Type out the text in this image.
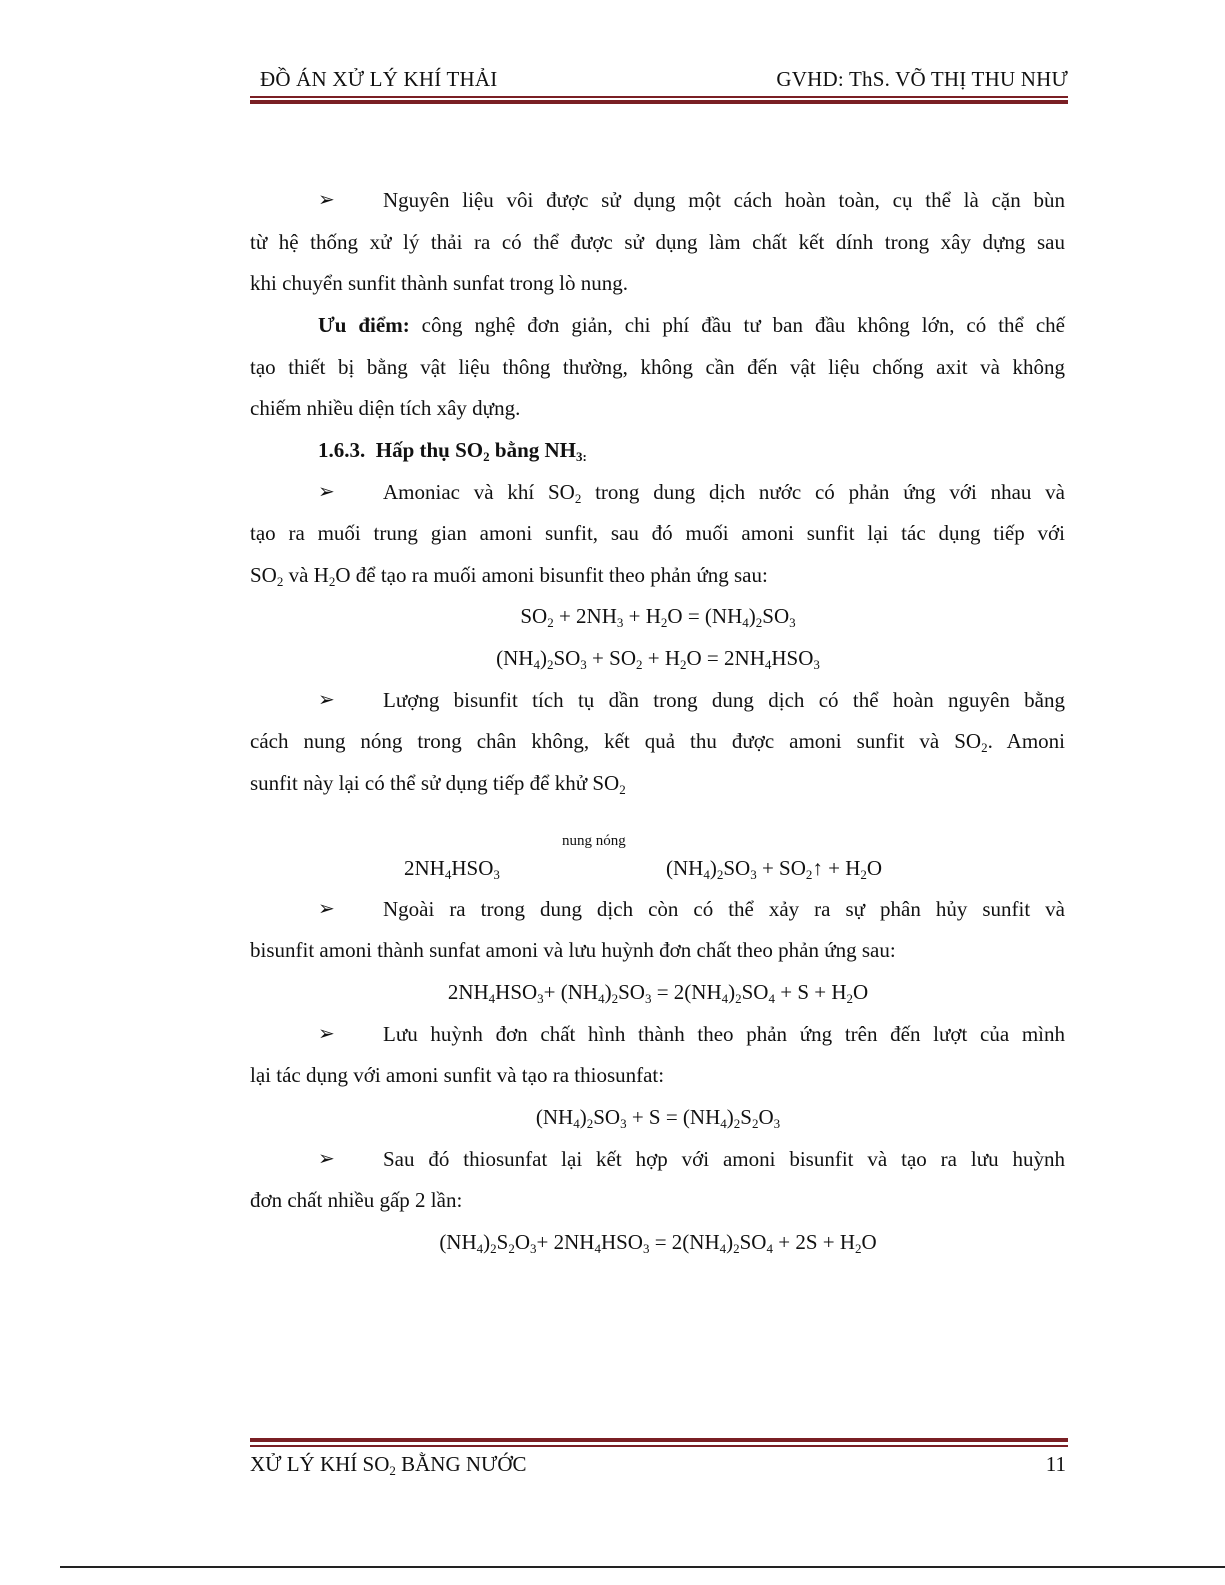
ĐỒ ÁN XỬ LÝ KHÍ THẢI	GVHD: ThS. VÕ THỊ THU NHƯ
➢ Nguyên liệu vôi được sử dụng một cách hoàn toàn, cụ thể là cặn bùn
từ hệ thống xử lý thải ra có thể được sử dụng làm chất kết dính trong xây dựng sau
khi chuyển sunfit thành sunfat trong lò nung.
Ưu điểm: công nghệ đơn giản, chi phí đầu tư ban đầu không lớn, có thể chế
tạo thiết bị bằng vật liệu thông thường, không cần đến vật liệu chống axit và không
chiếm nhiều diện tích xây dựng.
1.6.3. Hấp thụ $SO_2$ bằng $NH_{3:}$
➢ Amoniac và khí $SO_2$ trong dung dịch nước có phản ứng với nhau và
tạo ra muối trung gian amoni sunfit, sau đó muối amoni sunfit lại tác dụng tiếp với
$SO_2$ và $H_2O$ để tạo ra muối amoni bisunfit theo phản ứng sau:
$SO_2 + 2NH_3 + H_2O = (NH_4)_2SO_3$
$(NH_4)_2SO_3 + SO_2 + H_2O = 2NH_4HSO_3$
➢ Lượng bisunfit tích tụ dần trong dung dịch có thể hoàn nguyên bằng
cách nung nóng trong chân không, kết quả thu được amoni sunfit và $SO_2$. Amoni
sunfit này lại có thể sử dụng tiếp để khử $SO_2$
nung nóng
$2NH_4HSO_3$	$(NH_4)_2SO_3$ + $SO_2↑ + H_2O$
➢ Ngoài ra trong dung dịch còn có thể xảy ra sự phân hủy sunfit và
bisunfit amoni thành sunfat amoni và lưu huỳnh đơn chất theo phản ứng sau:
$2NH_4HSO_3+ (NH_4)_2SO_3 = 2(NH_4)_2SO_4 + S + H_2O$
➢ Lưu huỳnh đơn chất hình thành theo phản ứng trên đến lượt của mình
lại tác dụng với amoni sunfit và tạo ra thiosunfat:
$(NH_4)_2SO_3 + S = (NH_4)_2S_2O_3$
➢ Sau đó thiosunfat lại kết hợp với amoni bisunfit và tạo ra lưu huỳnh
đơn chất nhiều gấp 2 lần:
$(NH_4)_2S_2O_3+ 2NH_4HSO_3 = 2(NH_4)_2SO_4 + 2S + H_2O$
XỬ LÝ KHÍ $SO_2$ BẰNG NƯỚC	11
